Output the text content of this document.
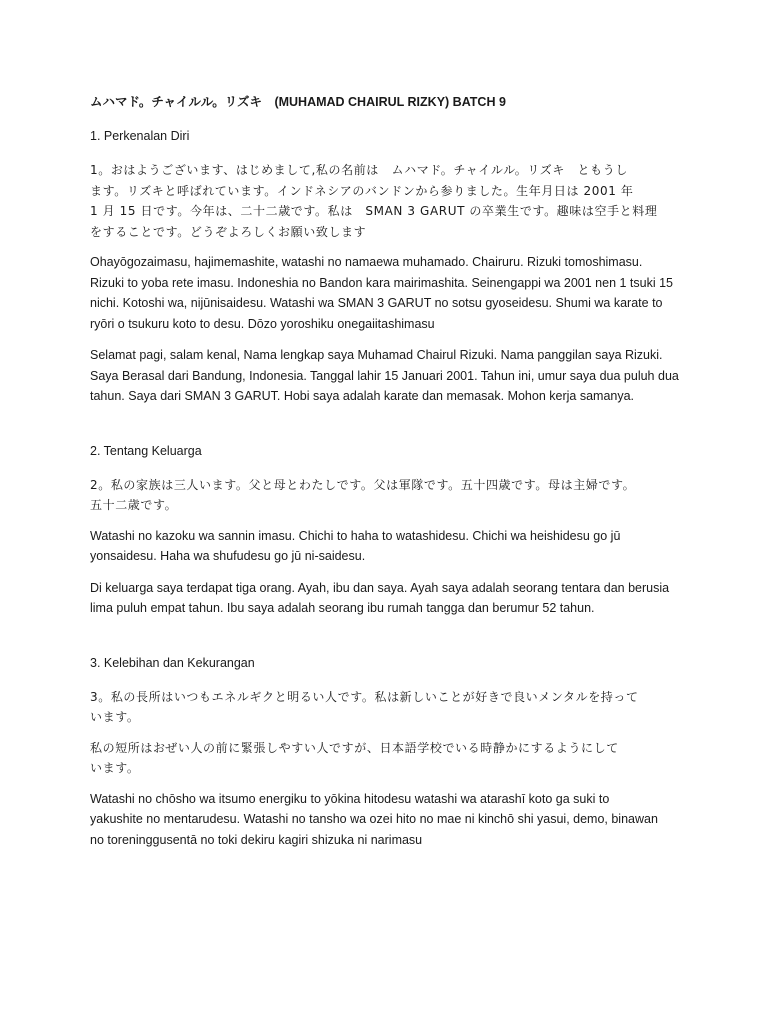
ムハマド。チャイルル。リズキ　(MUHAMAD CHAIRUL RIZKY) BATCH 9
1. Perkenalan Diri
1。おはようございます、はじめまして,私の名前は　ムハマド。チャイルル。リズキ　ともうし
ます。リズキと呼ばれています。インドネシアのバンドンから参りました。生年月日は 2001 年
1 月 15 日です。今年は、二十二歳です。私は　SMAN 3 GARUT の卒業生です。趣味は空手と料理
をすることです。どうぞよろしくお願い致します
Ohayōgozaimasu, hajimemashite, watashi no namaewa muhamado. Chairuru. Rizuki tomoshimasu.
Rizuki to yoba rete imasu. Indoneshia no Bandon kara mairimashita. Seinengappi wa 2001 nen 1 tsuki 15
nichi. Kotoshi wa, nijūnisaidesu. Watashi wa SMAN 3 GARUT no sotsu gyoseidesu. Shumi wa karate to
ryōri o tsukuru koto to desu. Dōzo yoroshiku onegaiitashimasu
Selamat pagi, salam kenal, Nama lengkap saya Muhamad Chairul Rizuki. Nama panggilan saya Rizuki.
Saya Berasal dari Bandung, Indonesia. Tanggal lahir 15 Januari 2001. Tahun ini, umur saya dua puluh dua
tahun. Saya dari SMAN 3 GARUT. Hobi saya adalah karate dan memasak. Mohon kerja samanya.
2. Tentang Keluarga
2。私の家族は三人います。父と母とわたしです。父は軍隊です。五十四歳です。母は主婦です。
五十二歳です。
Watashi no kazoku wa sannin imasu. Chichi to haha to watashidesu. Chichi wa heishidesu go jū
yonsaidesu. Haha wa shufudesu go jū ni-saidesu.
Di keluarga saya terdapat tiga orang. Ayah, ibu dan saya. Ayah saya adalah seorang tentara dan berusia
lima puluh empat tahun. Ibu saya adalah seorang ibu rumah tangga dan berumur 52 tahun.
3. Kelebihan dan Kekurangan
3。私の長所はいつもエネルギクと明るい人です。私は新しいことが好きで良いメンタルを持って
います。
私の短所はおぜい人の前に緊張しやすい人ですが、日本語学校でいる時静かにするようにして
います。
Watashi no chōsho wa itsumo energiku to yōkina hitodesu watashi wa atarashī koto ga suki to
yakushite no mentarudesu. Watashi no tansho wa ozei hito no mae ni kinchō shi yasui, demo, binawan
no toreninggusentā no toki dekiru kagiri shizuka ni narimasu
